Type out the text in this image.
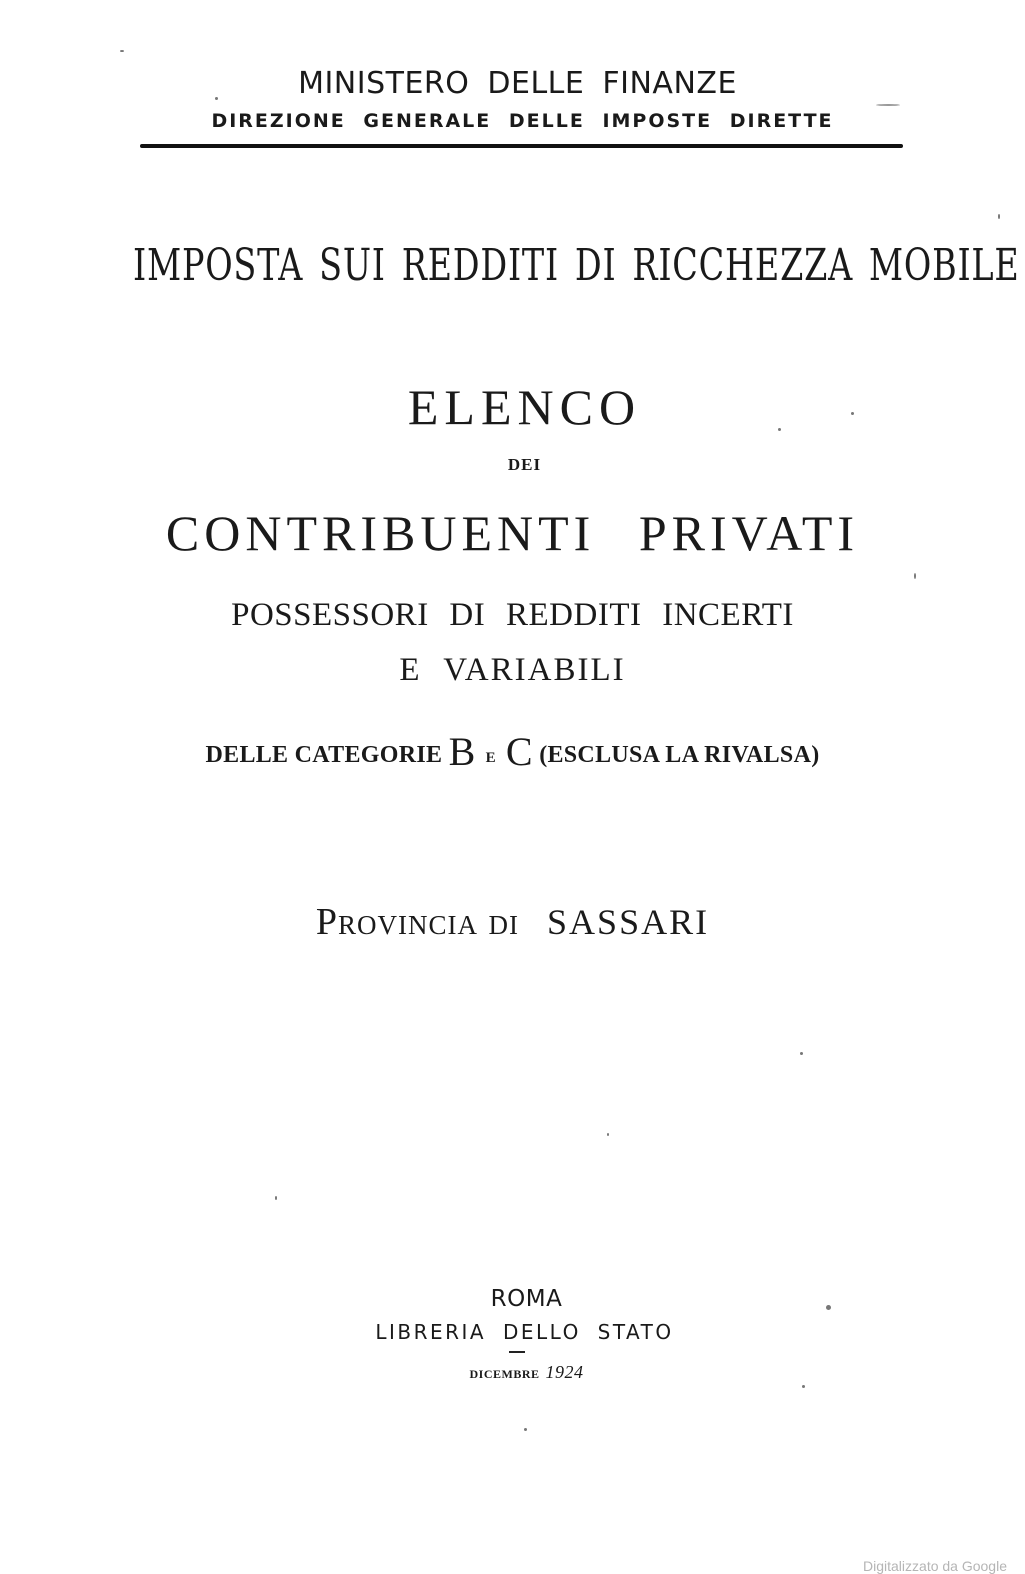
MINISTERO DELLE FINANZE
DIREZIONE GENERALE DELLE IMPOSTE DIRETTE
IMPOSTA SUI REDDITI DI RICCHEZZA MOBILE
ELENCO
DEI
CONTRIBUENTI PRIVATI
POSSESSORI DI REDDITI INCERTI
E VARIABILI
DELLE CATEGORIE B E C (ESCLUSA LA RIVALSA)
Provincia di SASSARI
ROMA
LIBRERIA DELLO STATO
DICEMBRE 1924
Digitalizzato da Google
